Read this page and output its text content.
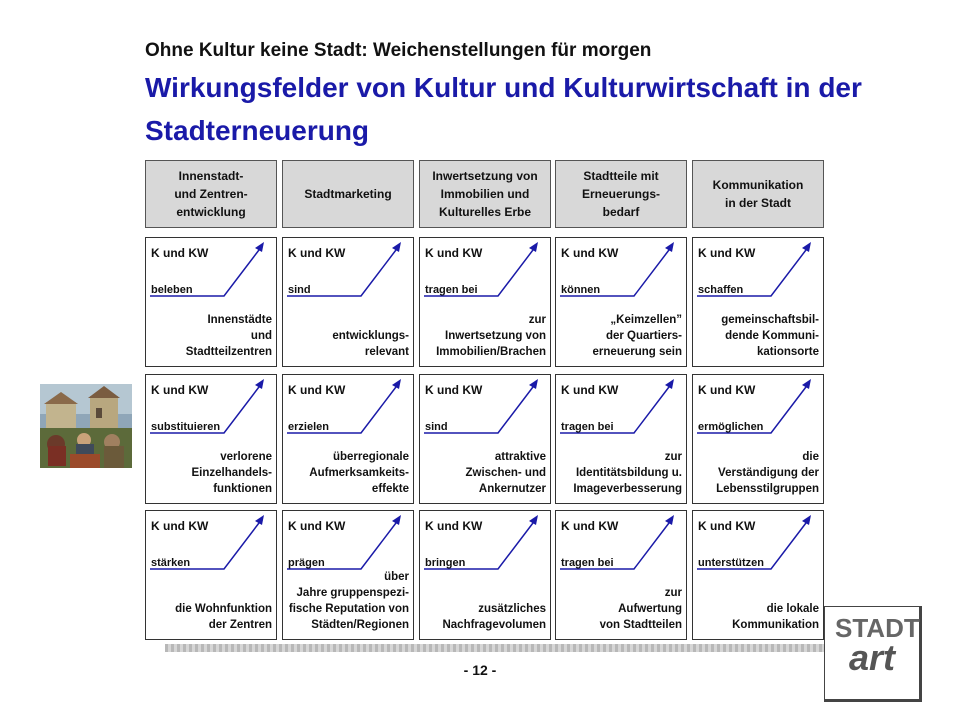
Ohne Kultur keine Stadt: Weichenstellungen für morgen
Wirkungsfelder von Kultur und Kulturwirtschaft in der Stadterneuerung
Innenstadt-
und Zentren-
entwicklung
Stadtmarketing
Inwertsetzung von
Immobilien und
Kulturelles Erbe
Stadtteile mit
Erneuerungs-
bedarf
Kommunikation
in der Stadt
K und KW
beleben
Innenstädte
und
Stadtteilzentren
K und KW
sind
entwicklungs-
relevant
K und KW
tragen bei
zur
Inwertsetzung von
Immobilien/Brachen
K und KW
können
„Keimzellen”
der Quartiers-
erneuerung sein
K und KW
schaffen
gemeinschaftsbil-
dende Kommuni-
kationsorte
K und KW
substituieren
verlorene
Einzelhandels-
funktionen
K und KW
erzielen
überregionale
Aufmerksamkeits-
effekte
K und KW
sind
attraktive
Zwischen- und
Ankernutzer
K und KW
tragen bei
zur
Identitätsbildung u.
Imageverbesserung
K und KW
ermöglichen
die
Verständigung der
Lebensstilgruppen
K und KW
stärken
die Wohnfunktion
der Zentren
K und KW
prägen
über
Jahre gruppenspezi-
fische Reputation von
Städten/Regionen
K und KW
bringen
zusätzliches
Nachfragevolumen
K und KW
tragen bei
zur
Aufwertung
von Stadtteilen
K und KW
unterstützen
die lokale
Kommunikation
- 12 -
STADT
art
